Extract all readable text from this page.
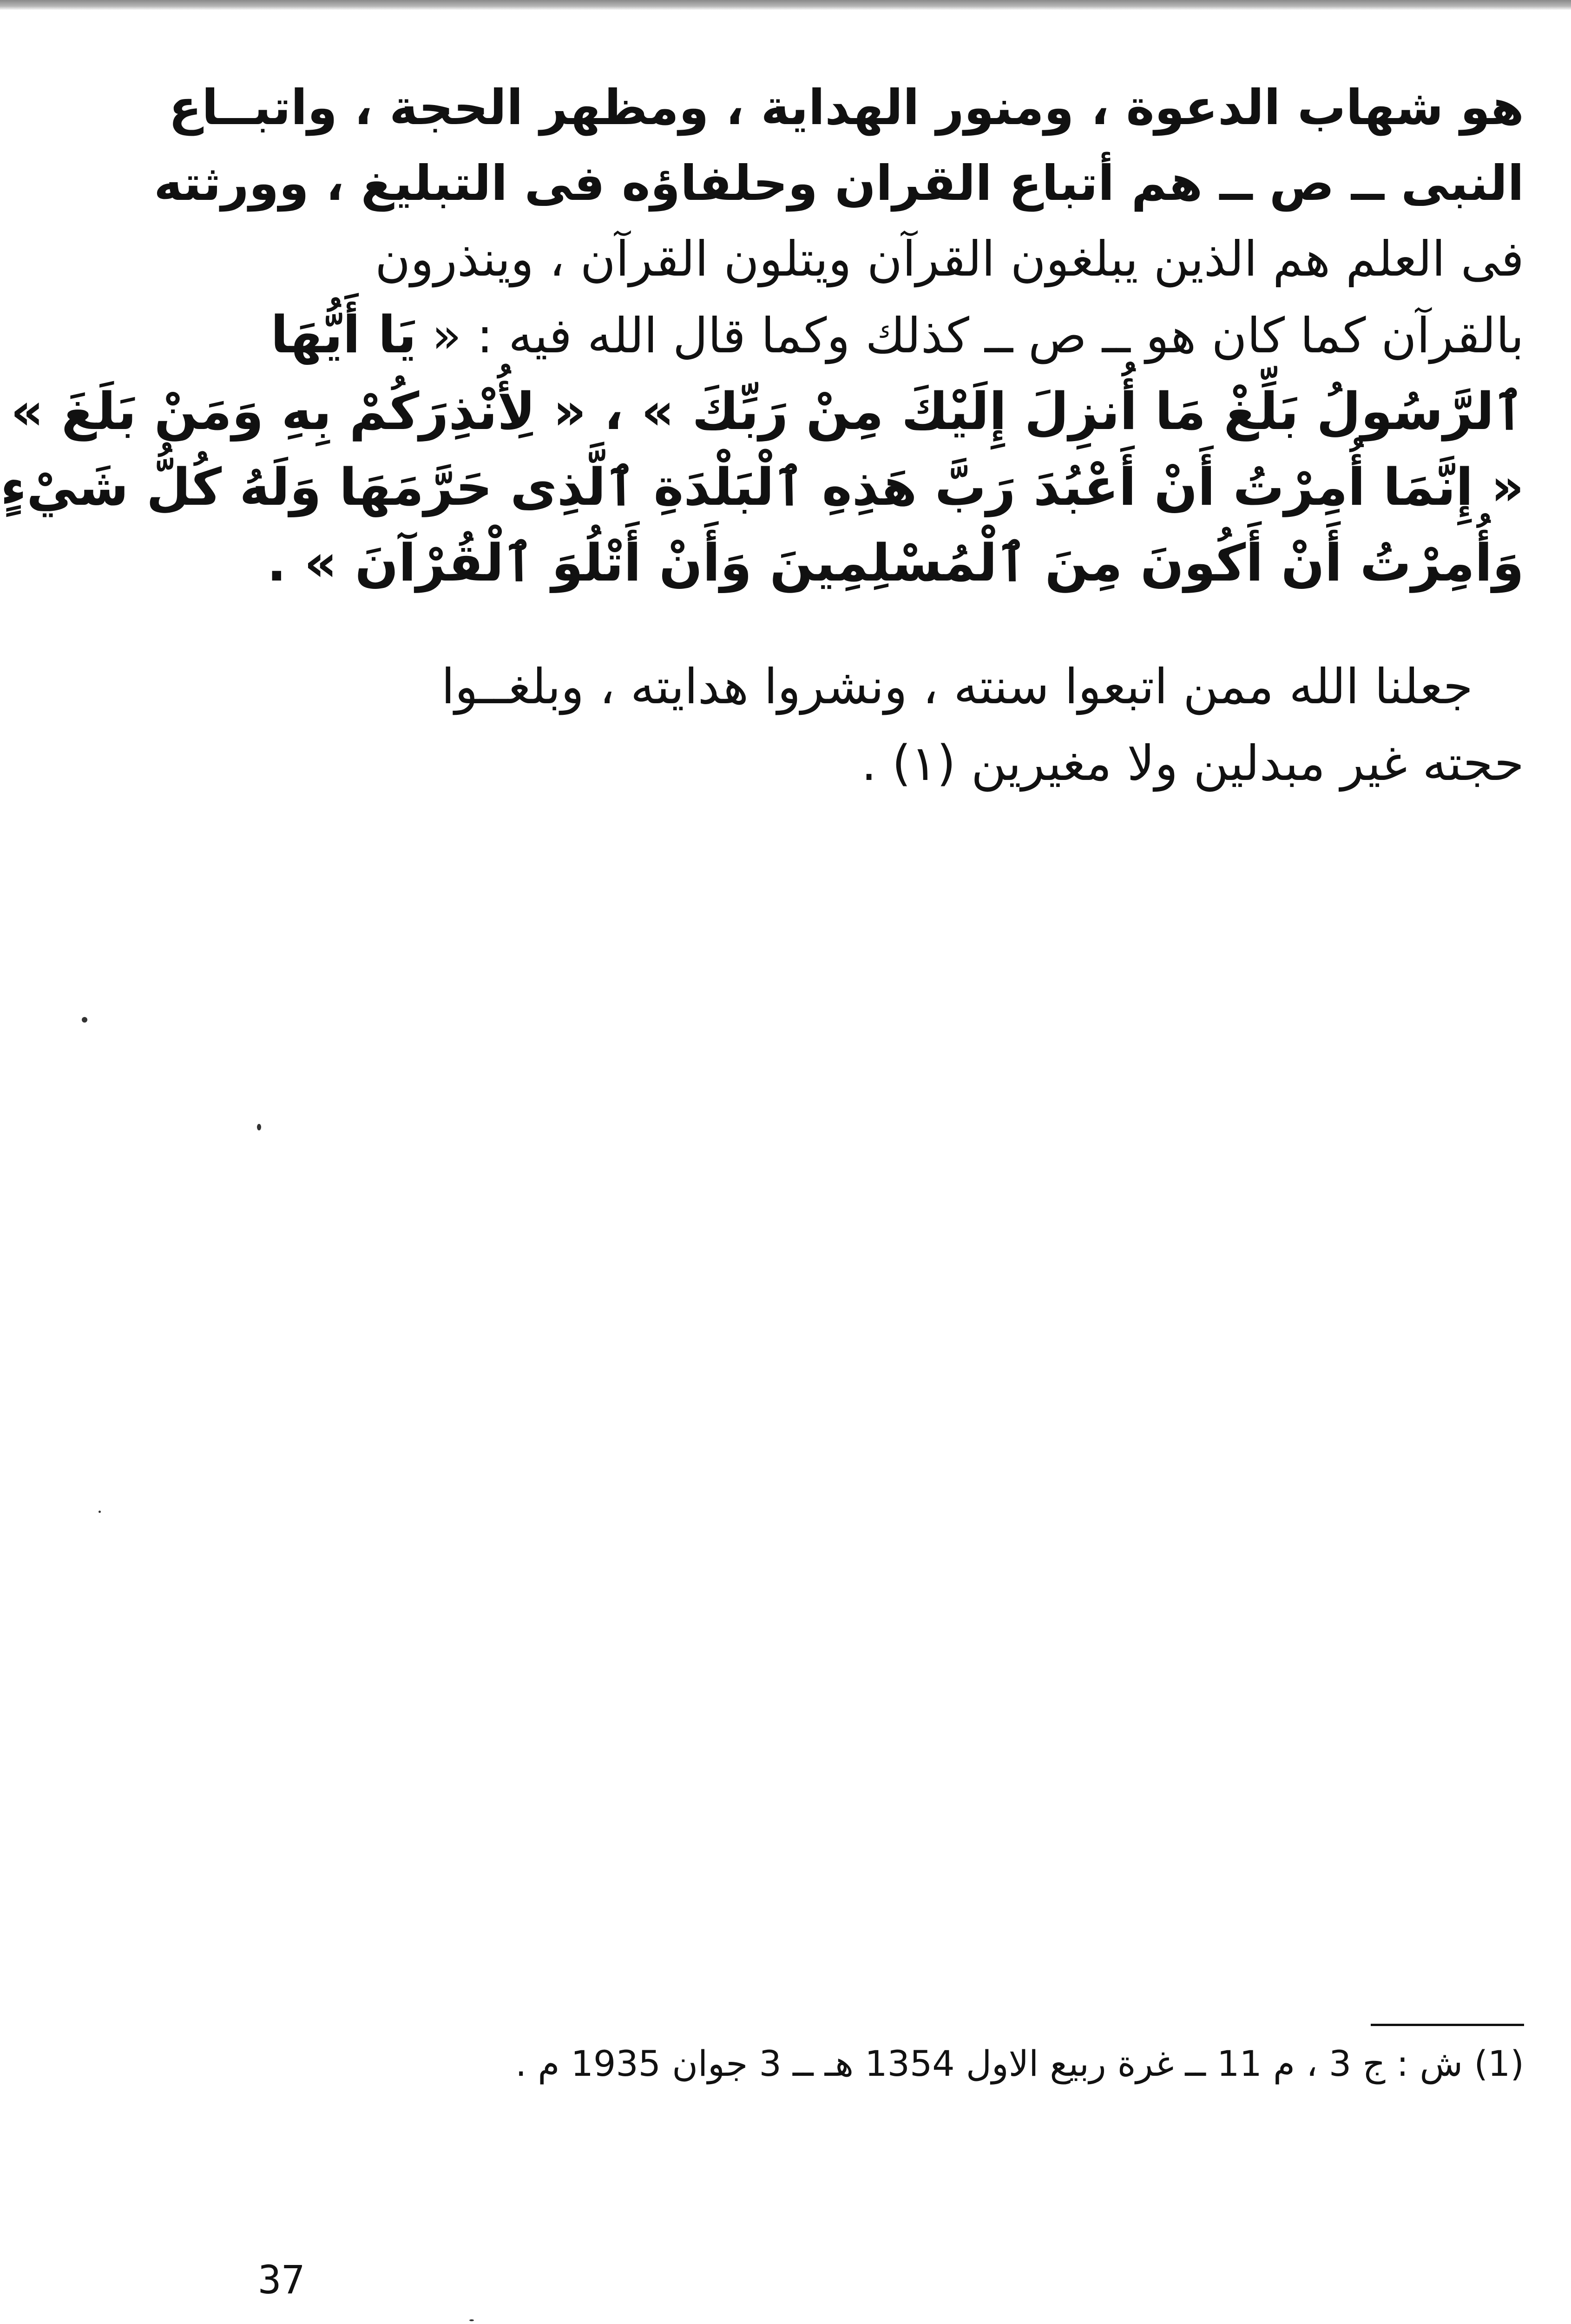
هو شهاب الدعوة ، ومنور الهداية ، ومظهر الحجة ، واتبــاع
النبى ــ ص ــ هم أتباع القران وحلفاؤه فى التبليغ ، وورثته
فى العلم هم الذين يبلغون القرآن ويتلون القرآن ، وينذرون
بالقرآن كما كان هو ــ ص ــ كذلك وكما قال الله فيه : « يَا أَيُّهَا
ٱلرَّسُولُ بَلِّغْ مَا أُنزِلَ إِلَيْكَ مِنْ رَبِّكَ » ، « لِأُنْذِرَكُمْ بِهِ وَمَنْ بَلَغَ »
« إِنَّمَا أُمِرْتُ أَنْ أَعْبُدَ رَبَّ هَذِهِ ٱلْبَلْدَةِ ٱلَّذِى حَرَّمَهَا وَلَهُ كُلُّ شَيْءٍ
وَأُمِرْتُ أَنْ أَكُونَ مِنَ ٱلْمُسْلِمِينَ وَأَنْ أَتْلُوَ ٱلْقُرْآنَ » .
جعلنا الله ممن اتبعوا سنته ، ونشروا هدايته ، وبلغــوا
حجته غير مبدلين ولا مغيرين (١) .
(1) ش : ج 3 ، م 11 ــ غرة ربيع الاول 1354 هـ ــ 3 جوان 1935 م .
37
